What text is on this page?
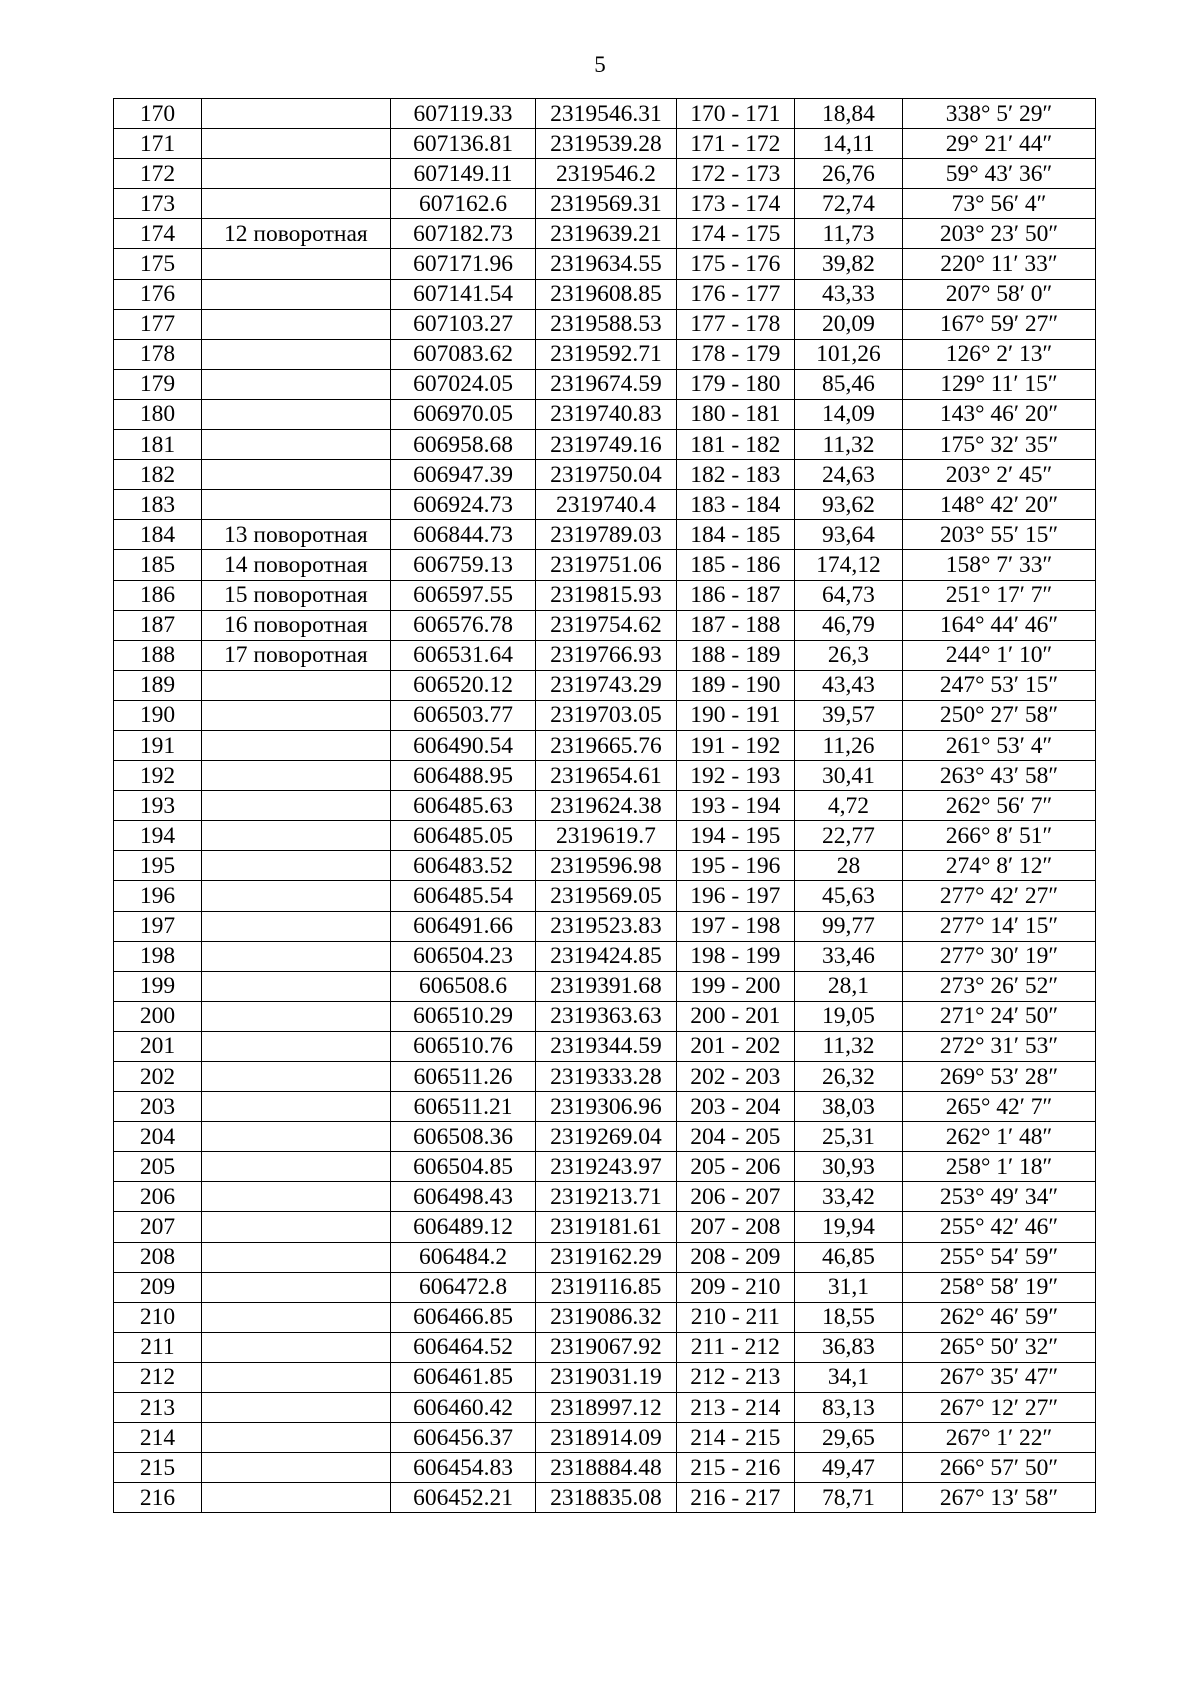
5
170		607119.33	2319546.31	170 - 171	18,84	338° 5′ 29″
171		607136.81	2319539.28	171 - 172	14,11	29° 21′ 44″
172		607149.11	2319546.2	172 - 173	26,76	59° 43′ 36″
173		607162.6	2319569.31	173 - 174	72,74	73° 56′ 4″
174	12 поворотная	607182.73	2319639.21	174 - 175	11,73	203° 23′ 50″
175		607171.96	2319634.55	175 - 176	39,82	220° 11′ 33″
176		607141.54	2319608.85	176 - 177	43,33	207° 58′ 0″
177		607103.27	2319588.53	177 - 178	20,09	167° 59′ 27″
178		607083.62	2319592.71	178 - 179	101,26	126° 2′ 13″
179		607024.05	2319674.59	179 - 180	85,46	129° 11′ 15″
180		606970.05	2319740.83	180 - 181	14,09	143° 46′ 20″
181		606958.68	2319749.16	181 - 182	11,32	175° 32′ 35″
182		606947.39	2319750.04	182 - 183	24,63	203° 2′ 45″
183		606924.73	2319740.4	183 - 184	93,62	148° 42′ 20″
184	13 поворотная	606844.73	2319789.03	184 - 185	93,64	203° 55′ 15″
185	14 поворотная	606759.13	2319751.06	185 - 186	174,12	158° 7′ 33″
186	15 поворотная	606597.55	2319815.93	186 - 187	64,73	251° 17′ 7″
187	16 поворотная	606576.78	2319754.62	187 - 188	46,79	164° 44′ 46″
188	17 поворотная	606531.64	2319766.93	188 - 189	26,3	244° 1′ 10″
189		606520.12	2319743.29	189 - 190	43,43	247° 53′ 15″
190		606503.77	2319703.05	190 - 191	39,57	250° 27′ 58″
191		606490.54	2319665.76	191 - 192	11,26	261° 53′ 4″
192		606488.95	2319654.61	192 - 193	30,41	263° 43′ 58″
193		606485.63	2319624.38	193 - 194	4,72	262° 56′ 7″
194		606485.05	2319619.7	194 - 195	22,77	266° 8′ 51″
195		606483.52	2319596.98	195 - 196	28	274° 8′ 12″
196		606485.54	2319569.05	196 - 197	45,63	277° 42′ 27″
197		606491.66	2319523.83	197 - 198	99,77	277° 14′ 15″
198		606504.23	2319424.85	198 - 199	33,46	277° 30′ 19″
199		606508.6	2319391.68	199 - 200	28,1	273° 26′ 52″
200		606510.29	2319363.63	200 - 201	19,05	271° 24′ 50″
201		606510.76	2319344.59	201 - 202	11,32	272° 31′ 53″
202		606511.26	2319333.28	202 - 203	26,32	269° 53′ 28″
203		606511.21	2319306.96	203 - 204	38,03	265° 42′ 7″
204		606508.36	2319269.04	204 - 205	25,31	262° 1′ 48″
205		606504.85	2319243.97	205 - 206	30,93	258° 1′ 18″
206		606498.43	2319213.71	206 - 207	33,42	253° 49′ 34″
207		606489.12	2319181.61	207 - 208	19,94	255° 42′ 46″
208		606484.2	2319162.29	208 - 209	46,85	255° 54′ 59″
209		606472.8	2319116.85	209 - 210	31,1	258° 58′ 19″
210		606466.85	2319086.32	210 - 211	18,55	262° 46′ 59″
211		606464.52	2319067.92	211 - 212	36,83	265° 50′ 32″
212		606461.85	2319031.19	212 - 213	34,1	267° 35′ 47″
213		606460.42	2318997.12	213 - 214	83,13	267° 12′ 27″
214		606456.37	2318914.09	214 - 215	29,65	267° 1′ 22″
215		606454.83	2318884.48	215 - 216	49,47	266° 57′ 50″
216		606452.21	2318835.08	216 - 217	78,71	267° 13′ 58″
